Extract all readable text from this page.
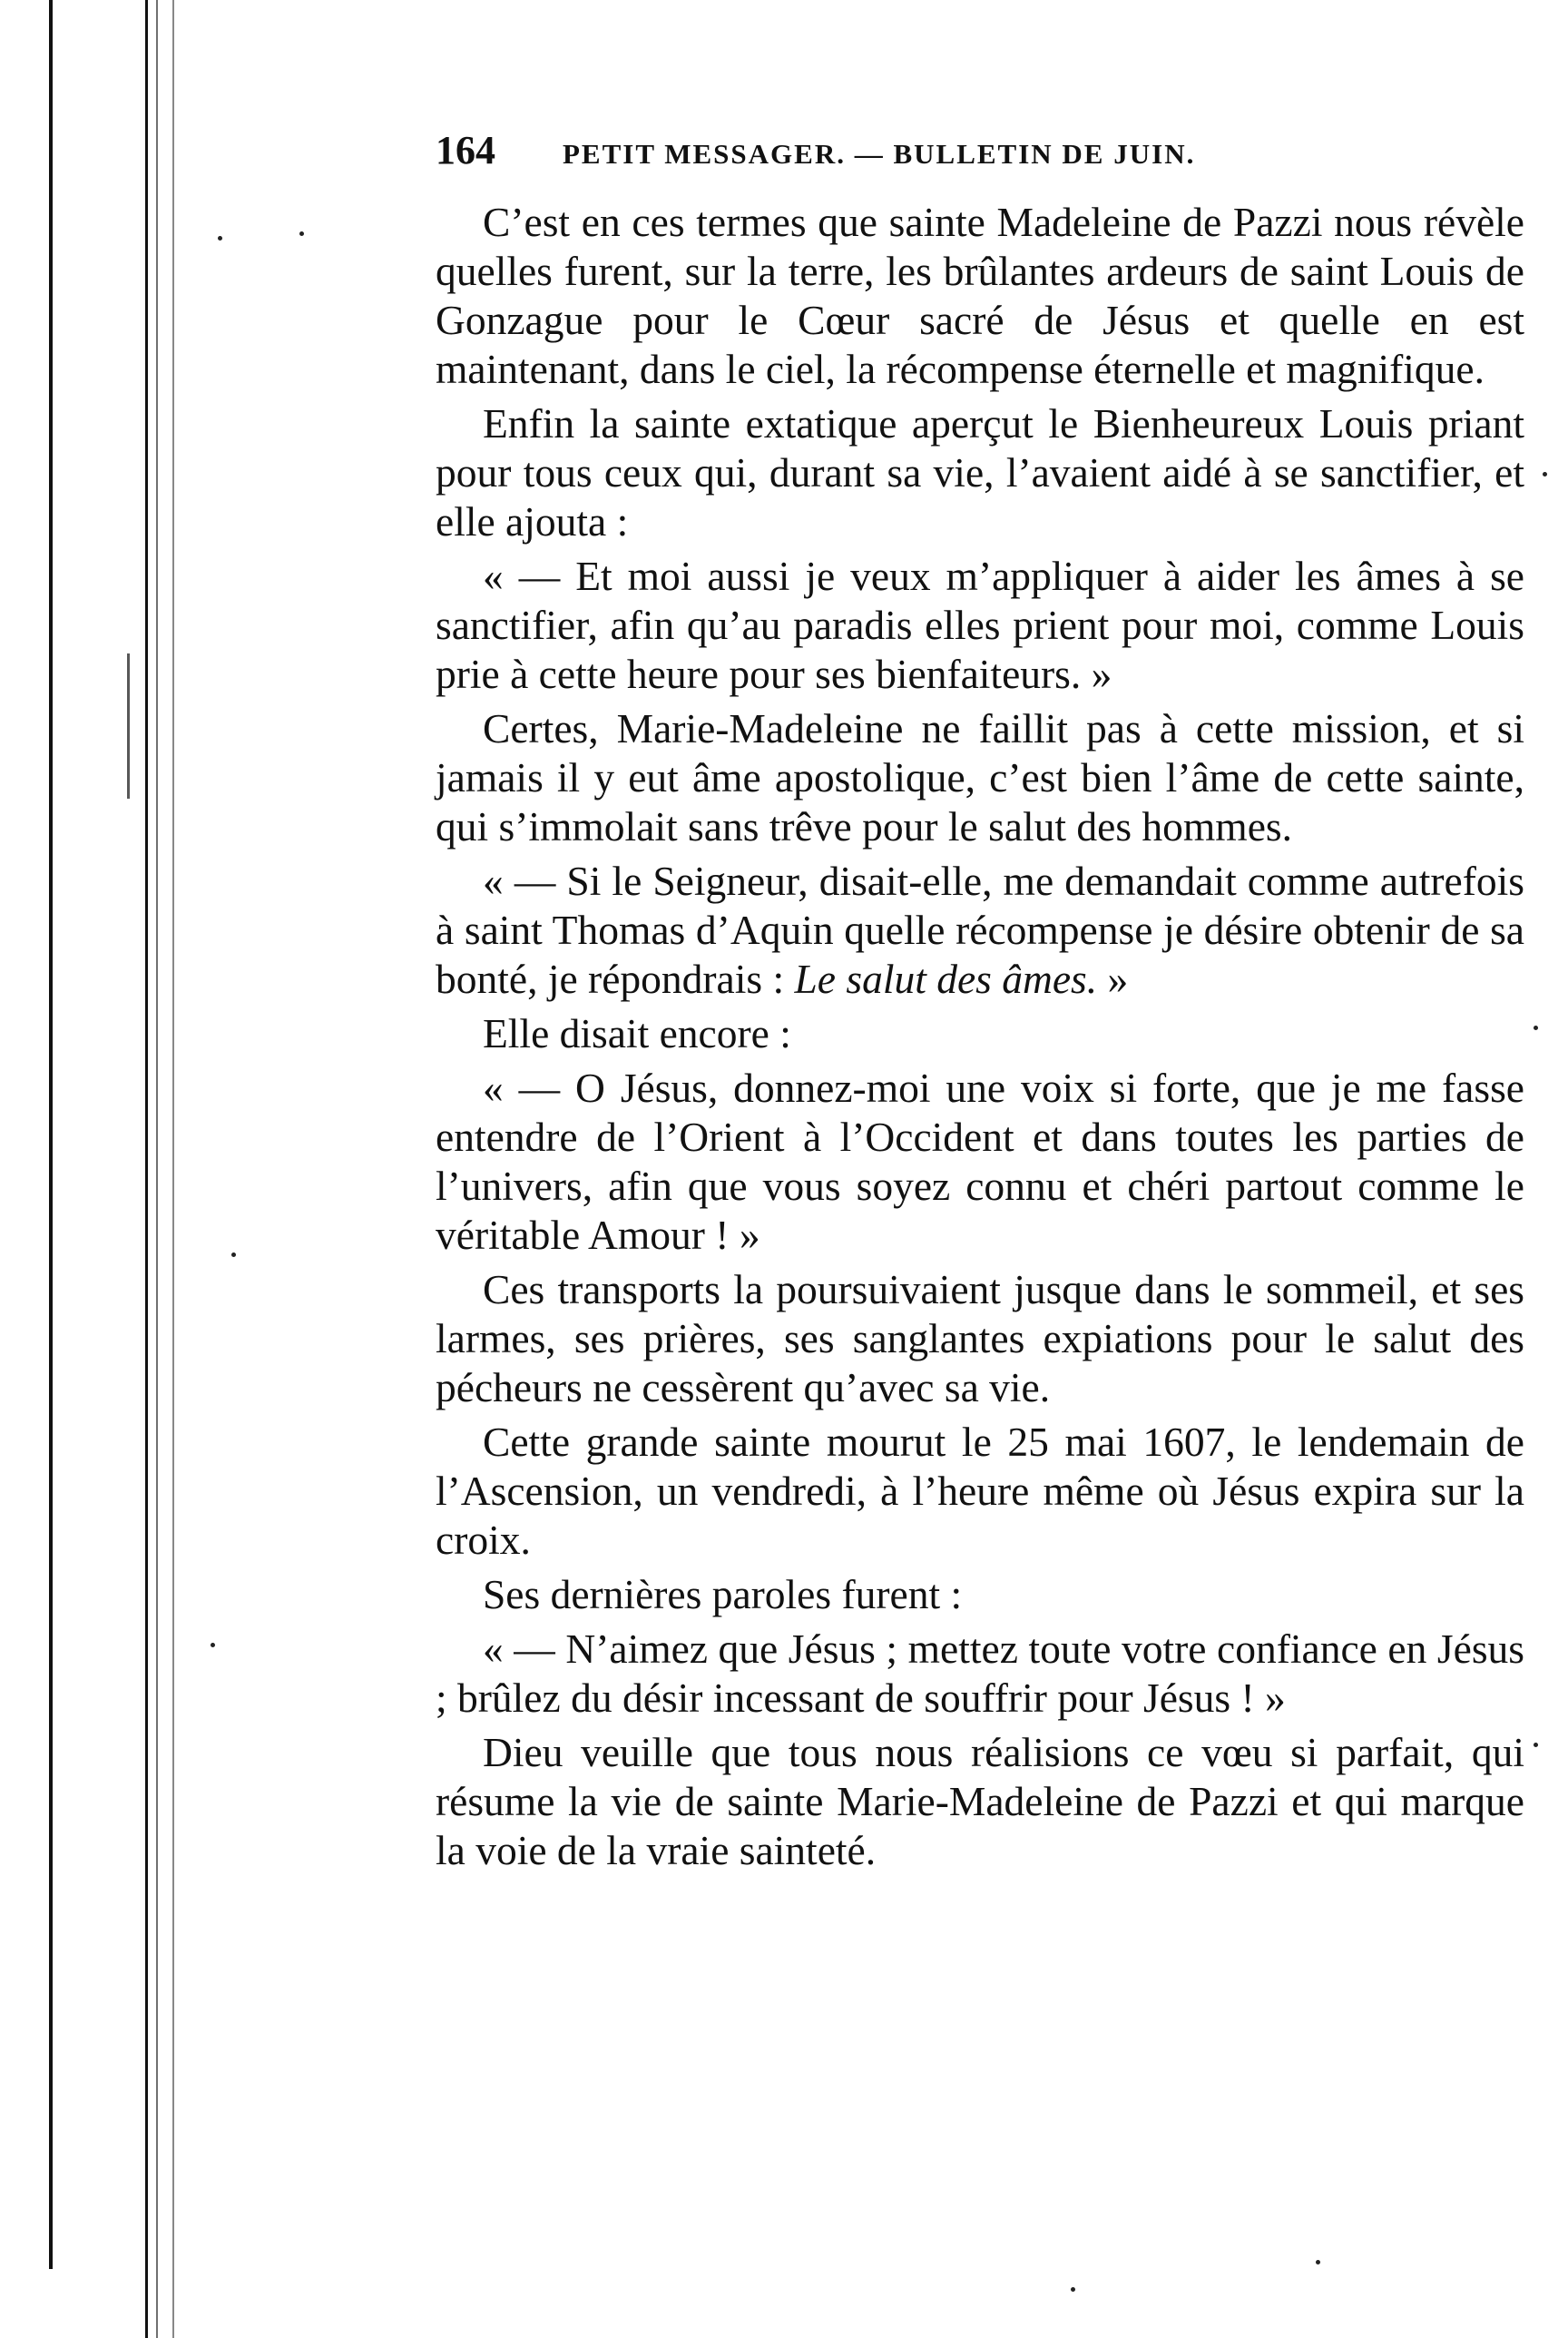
164	PETIT MESSAGER. — BULLETIN DE JUIN.

C’est en ces termes que sainte Madeleine de Pazzi nous révèle quelles furent, sur la terre, les brûlantes ardeurs de saint Louis de Gonzague pour le Cœur sacré de Jésus et quelle en est maintenant, dans le ciel, la récompense éternelle et magnifique.

Enfin la sainte extatique aperçut le Bienheureux Louis priant pour tous ceux qui, durant sa vie, l’avaient aidé à se sanctifier, et elle ajouta :

« — Et moi aussi je veux m’appliquer à aider les âmes à se sanctifier, afin qu’au paradis elles prient pour moi, comme Louis prie à cette heure pour ses bienfaiteurs. »

Certes, Marie-Madeleine ne faillit pas à cette mission, et si jamais il y eut âme apostolique, c’est bien l’âme de cette sainte, qui s’immolait sans trêve pour le salut des hommes.

« — Si le Seigneur, disait-elle, me demandait comme autrefois à saint Thomas d’Aquin quelle récompense je désire obtenir de sa bonté, je répondrais : Le salut des âmes. »

Elle disait encore :

« — O Jésus, donnez-moi une voix si forte, que je me fasse entendre de l’Orient à l’Occident et dans toutes les parties de l’univers, afin que vous soyez connu et chéri partout comme le véritable Amour ! »

Ces transports la poursuivaient jusque dans le sommeil, et ses larmes, ses prières, ses sanglantes expiations pour le salut des pécheurs ne cessèrent qu’avec sa vie.

Cette grande sainte mourut le 25 mai 1607, le lendemain de l’Ascension, un vendredi, à l’heure même où Jésus expira sur la croix.

Ses dernières paroles furent :

« — N’aimez que Jésus ; mettez toute votre confiance en Jésus ; brûlez du désir incessant de souffrir pour Jésus ! »

Dieu veuille que tous nous réalisions ce vœu si parfait, qui résume la vie de sainte Marie-Madeleine de Pazzi et qui marque la voie de la vraie sainteté.
